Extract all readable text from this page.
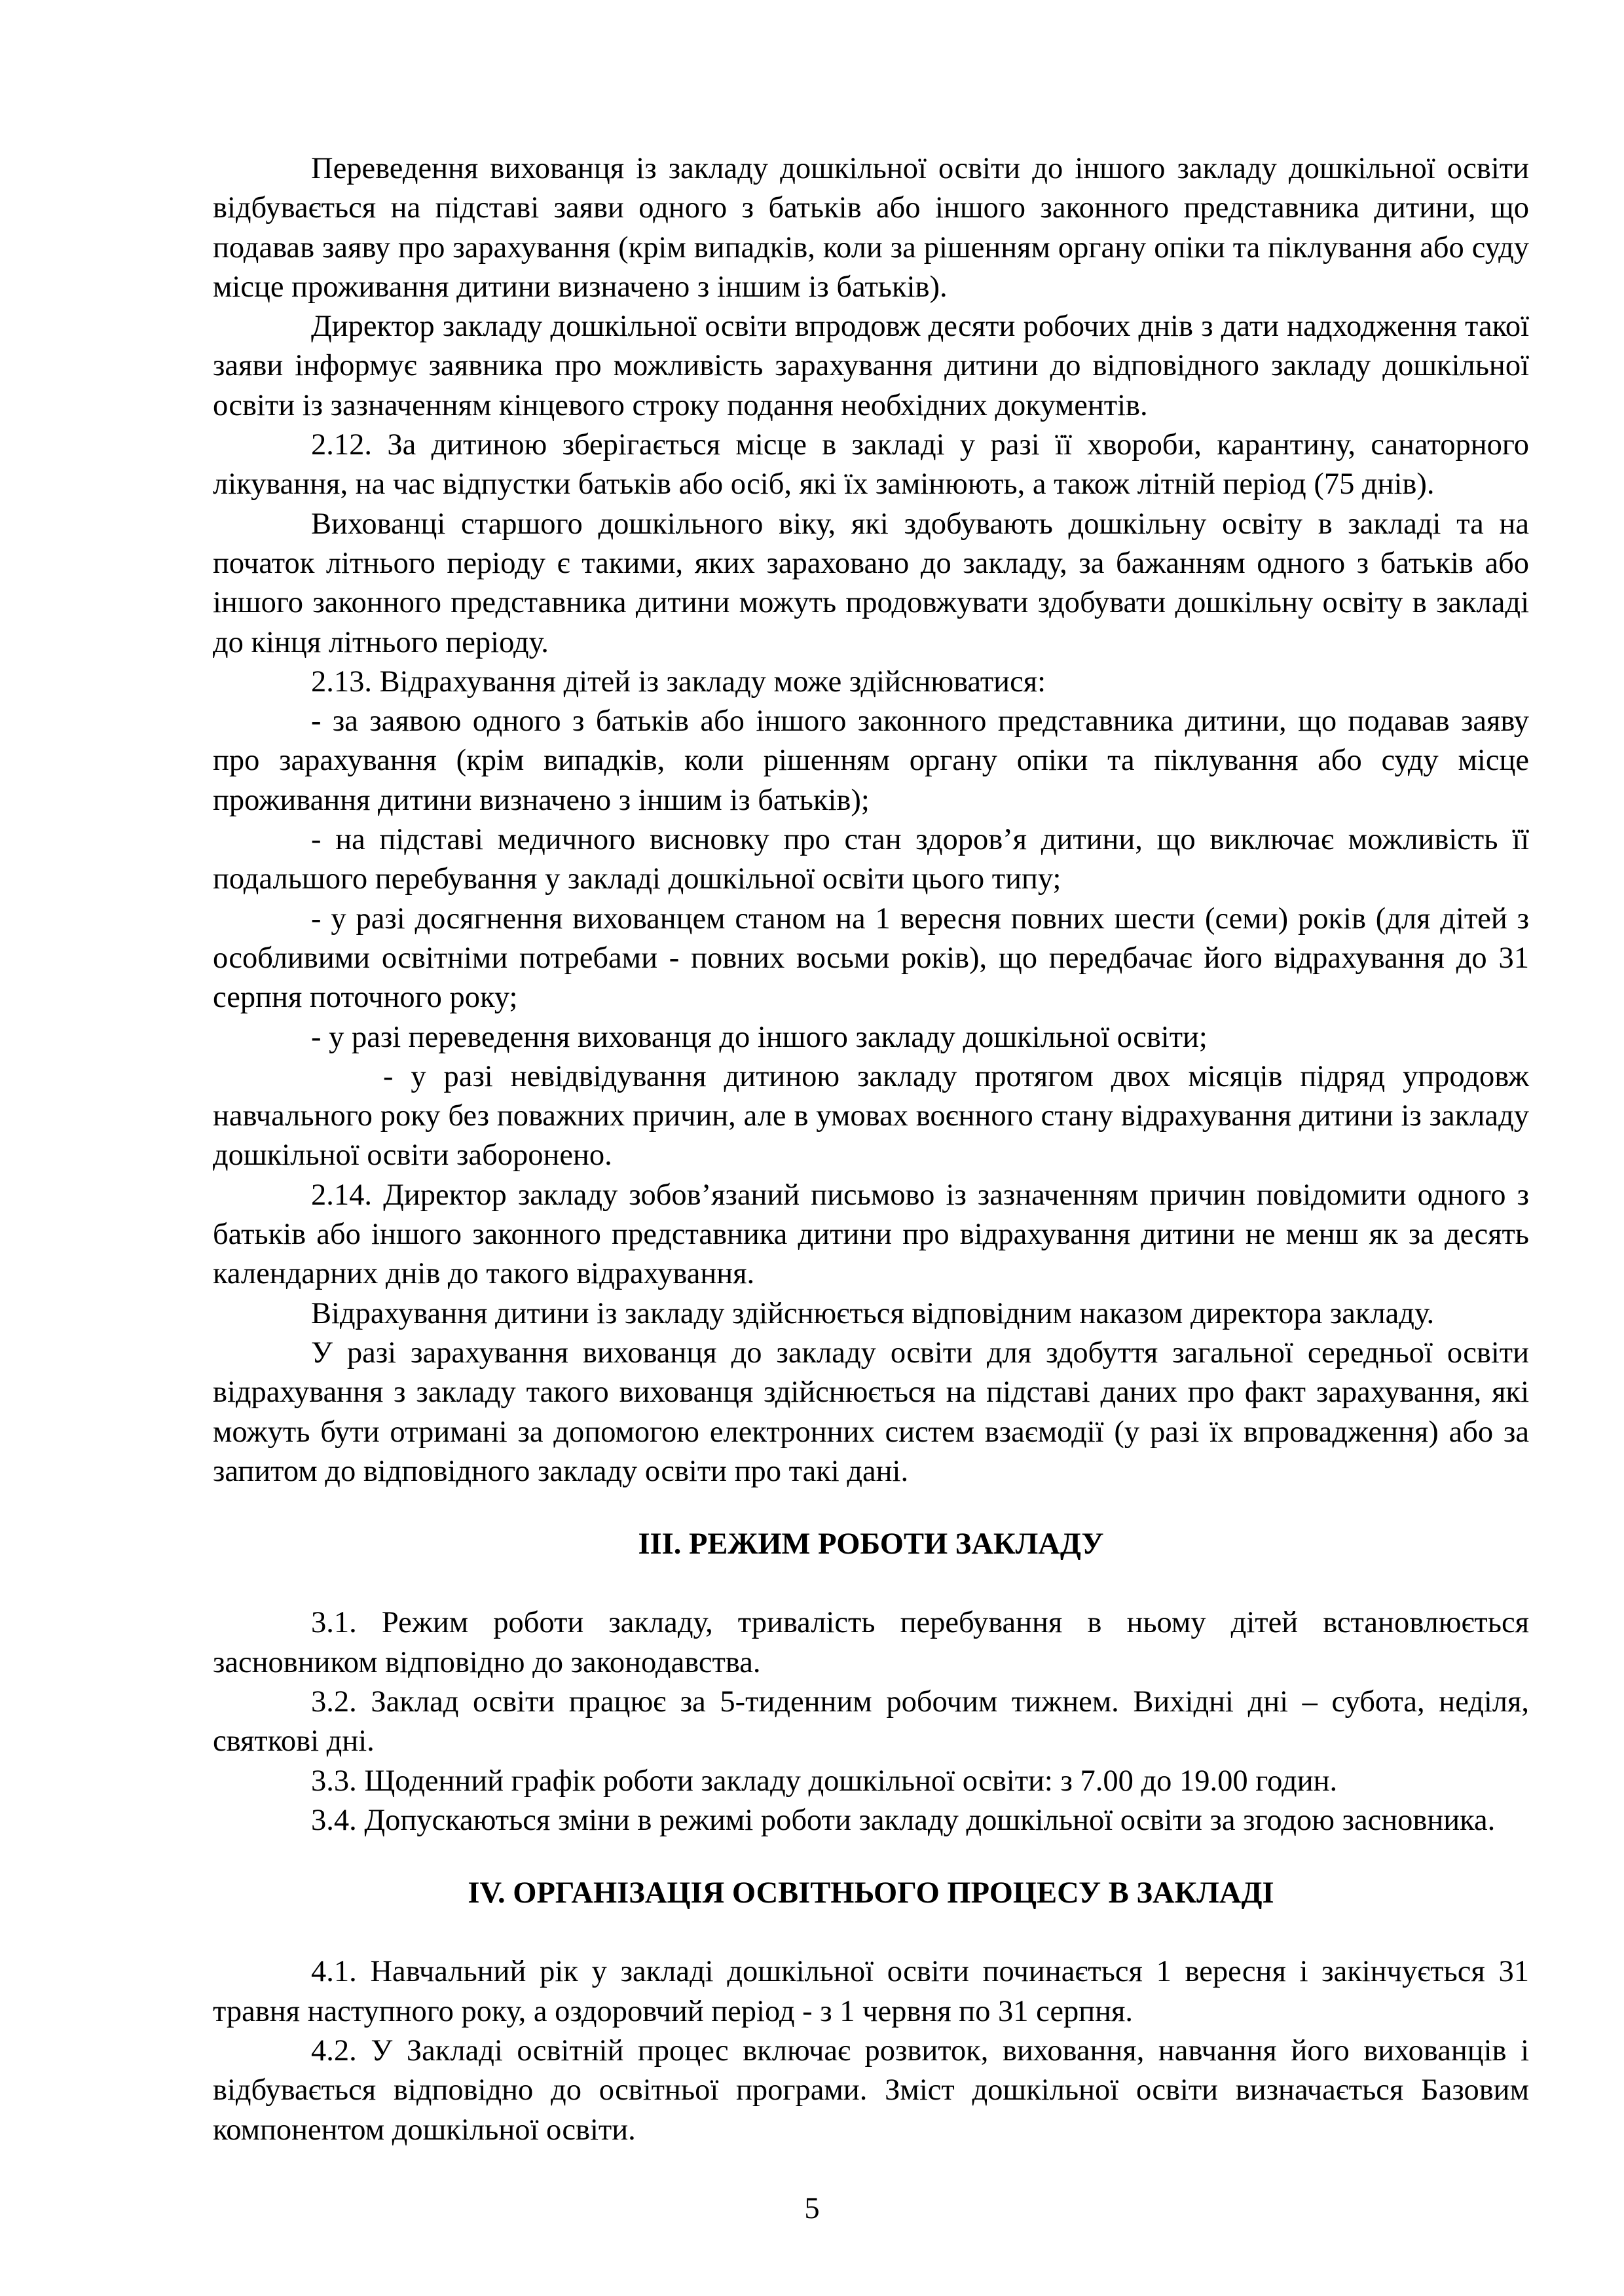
Переведення вихованця із закладу дошкільної освіти до іншого закладу дошкільної освіти відбувається на підставі заяви одного з батьків або іншого законного представника дитини, що подавав заяву про зарахування (крім випадків, коли за рішенням органу опіки та піклування або суду місце проживання дитини визначено з іншим із батьків).

Директор закладу дошкільної освіти впродовж десяти робочих днів з дати надходження такої заяви інформує заявника про можливість зарахування дитини до відповідного закладу дошкільної освіти із зазначенням кінцевого строку подання необхідних документів.

2.12. За дитиною зберігається місце в закладі у разі її хвороби, карантину, санаторного лікування, на час відпустки батьків або осіб, які їх замінюють, а також літній період (75 днів).

Вихованці старшого дошкільного віку, які здобувають дошкільну освіту в закладі та на початок літнього періоду є такими, яких зараховано до закладу, за бажанням одного з батьків або іншого законного представника дитини можуть продовжувати здобувати дошкільну освіту в закладі до кінця літнього періоду.

2.13. Відрахування дітей із закладу може здійснюватися:

- за заявою одного з батьків або іншого законного представника дитини, що подавав заяву про зарахування (крім випадків, коли рішенням органу опіки та піклування або суду місце проживання дитини визначено з іншим із батьків);

- на підставі медичного висновку про стан здоров’я дитини, що виключає можливість її подальшого перебування у закладі дошкільної освіти цього типу;

- у разі досягнення вихованцем станом на 1 вересня повних шести (семи) років (для дітей з особливими освітніми потребами - повних восьми років), що передбачає його відрахування до 31 серпня поточного року;

- у разі переведення вихованця до іншого закладу дошкільної освіти;

- у разі невідвідування дитиною закладу протягом двох місяців підряд упродовж навчального року без поважних причин, але в умовах воєнного стану відрахування дитини із закладу дошкільної освіти заборонено.

2.14. Директор закладу зобов’язаний письмово із зазначенням причин повідомити одного з батьків або іншого законного представника дитини про відрахування дитини не менш як за десять календарних днів до такого відрахування.

Відрахування дитини із закладу здійснюється відповідним наказом директора закладу.

У разі зарахування вихованця до закладу освіти для здобуття загальної середньої освіти відрахування з закладу такого вихованця здійснюється на підставі даних про факт зарахування, які можуть бути отримані за допомогою електронних систем взаємодії (у разі їх впровадження) або за запитом до відповідного закладу освіти про такі дані.

ІІІ. РЕЖИМ РОБОТИ ЗАКЛАДУ

3.1. Режим роботи закладу, тривалість перебування в ньому дітей встановлюється засновником відповідно до законодавства.

3.2. Заклад освіти працює за 5-тиденним робочим тижнем. Вихідні дні – субота, неділя, святкові дні.

3.3. Щоденний графік роботи закладу дошкільної освіти: з 7.00 до 19.00 годин.

3.4. Допускаються зміни в режимі роботи закладу дошкільної освіти за згодою засновника.

ІV. ОРГАНІЗАЦІЯ ОСВІТНЬОГО ПРОЦЕСУ В ЗАКЛАДІ

4.1. Навчальний рік у закладі дошкільної освіти починається 1 вересня і закінчується 31 травня наступного року, а оздоровчий період - з 1 червня по 31 серпня.

4.2. У Закладі освітній процес включає розвиток, виховання, навчання його вихованців і відбувається відповідно до освітньої програми. Зміст дошкільної освіти визначається Базовим компонентом дошкільної освіти.

5
